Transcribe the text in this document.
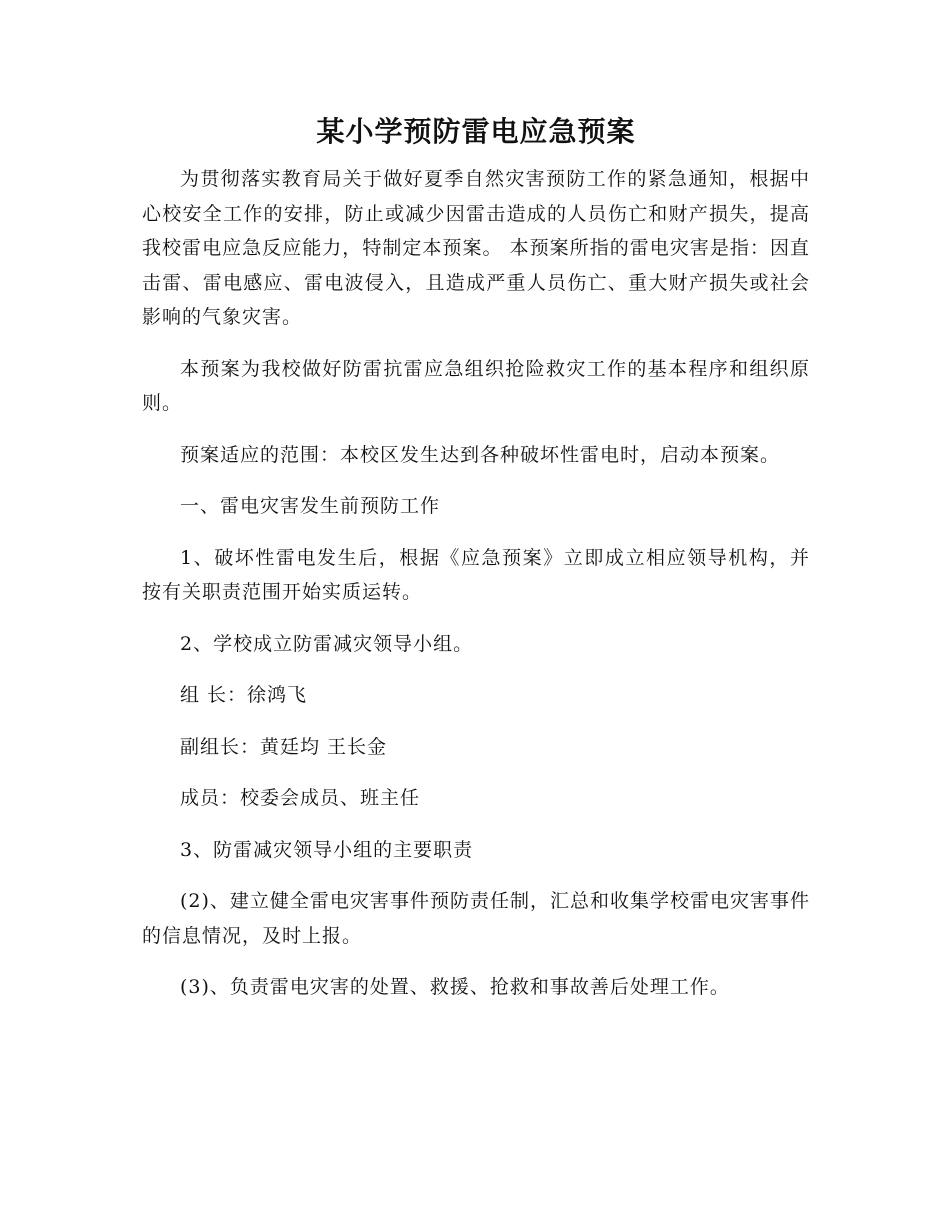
某小学预防雷电应急预案

为贯彻落实教育局关于做好夏季自然灾害预防工作的紧急通知，根据中心校安全工作的安排，防止或减少因雷击造成的人员伤亡和财产损失，提高我校雷电应急反应能力，特制定本预案。 本预案所指的雷电灾害是指：因直击雷、雷电感应、雷电波侵入，且造成严重人员伤亡、重大财产损失或社会影响的气象灾害。

本预案为我校做好防雷抗雷应急组织抢险救灾工作的基本程序和组织原则。

预案适应的范围：本校区发生达到各种破坏性雷电时，启动本预案。

一、雷电灾害发生前预防工作

1、破坏性雷电发生后，根据《应急预案》立即成立相应领导机构，并按有关职责范围开始实质运转。

2、学校成立防雷减灾领导小组。

组 长：徐鸿飞

副组长：黄廷均 王长金

成员：校委会成员、班主任

3、防雷减灾领导小组的主要职责

(2)、建立健全雷电灾害事件预防责任制，汇总和收集学校雷电灾害事件的信息情况，及时上报。

(3)、负责雷电灾害的处置、救援、抢救和事故善后处理工作。
